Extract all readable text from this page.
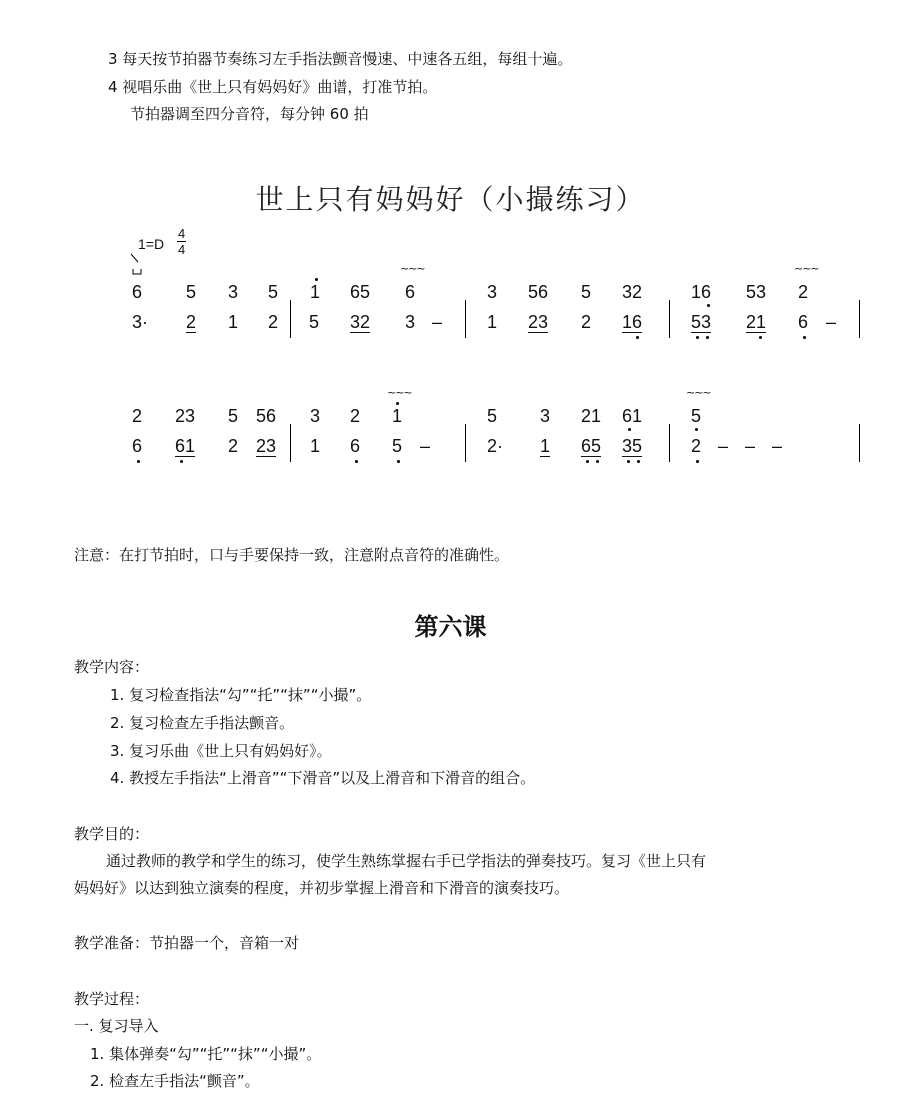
3 每天按节拍器节奏练习左手指法颤音慢速、中速各五组，每组十遍。
4 视唱乐曲《世上只有妈妈好》曲谱，打准节拍。
节拍器调至四分音符，每分钟 60 拍
世上只有妈妈好（小撮练习）
1=D
4
4
6 5 3 5 1 65 6	3 56 5 32	16 53 2
~~~	~~~
3· 2 1 2 5 32 3 – 1 23 2 16	53 21 6 –
2 23 5 56 3 2 1	5 3 21 61	5
~~~	~~~
6 61 2 23 1 6 5 –	2· 1 65 35	2 – – –
注意：在打节拍时，口与手要保持一致，注意附点音符的准确性。
第六课
教学内容：
1. 复习检查指法“勾”“托”“抹”“小撮”。
2. 复习检查左手指法颤音。
3. 复习乐曲《世上只有妈妈好》。
4. 教授左手指法“上滑音”“下滑音”以及上滑音和下滑音的组合。
教学目的：
通过教师的教学和学生的练习，使学生熟练掌握右手已学指法的弹奏技巧。复习《世上只有
妈妈好》以达到独立演奏的程度，并初步掌握上滑音和下滑音的演奏技巧。
教学准备：节拍器一个，音箱一对
教学过程：
一. 复习导入
1. 集体弹奏“勾”“托”“抹”“小撮”。
2. 检查左手指法“颤音”。
